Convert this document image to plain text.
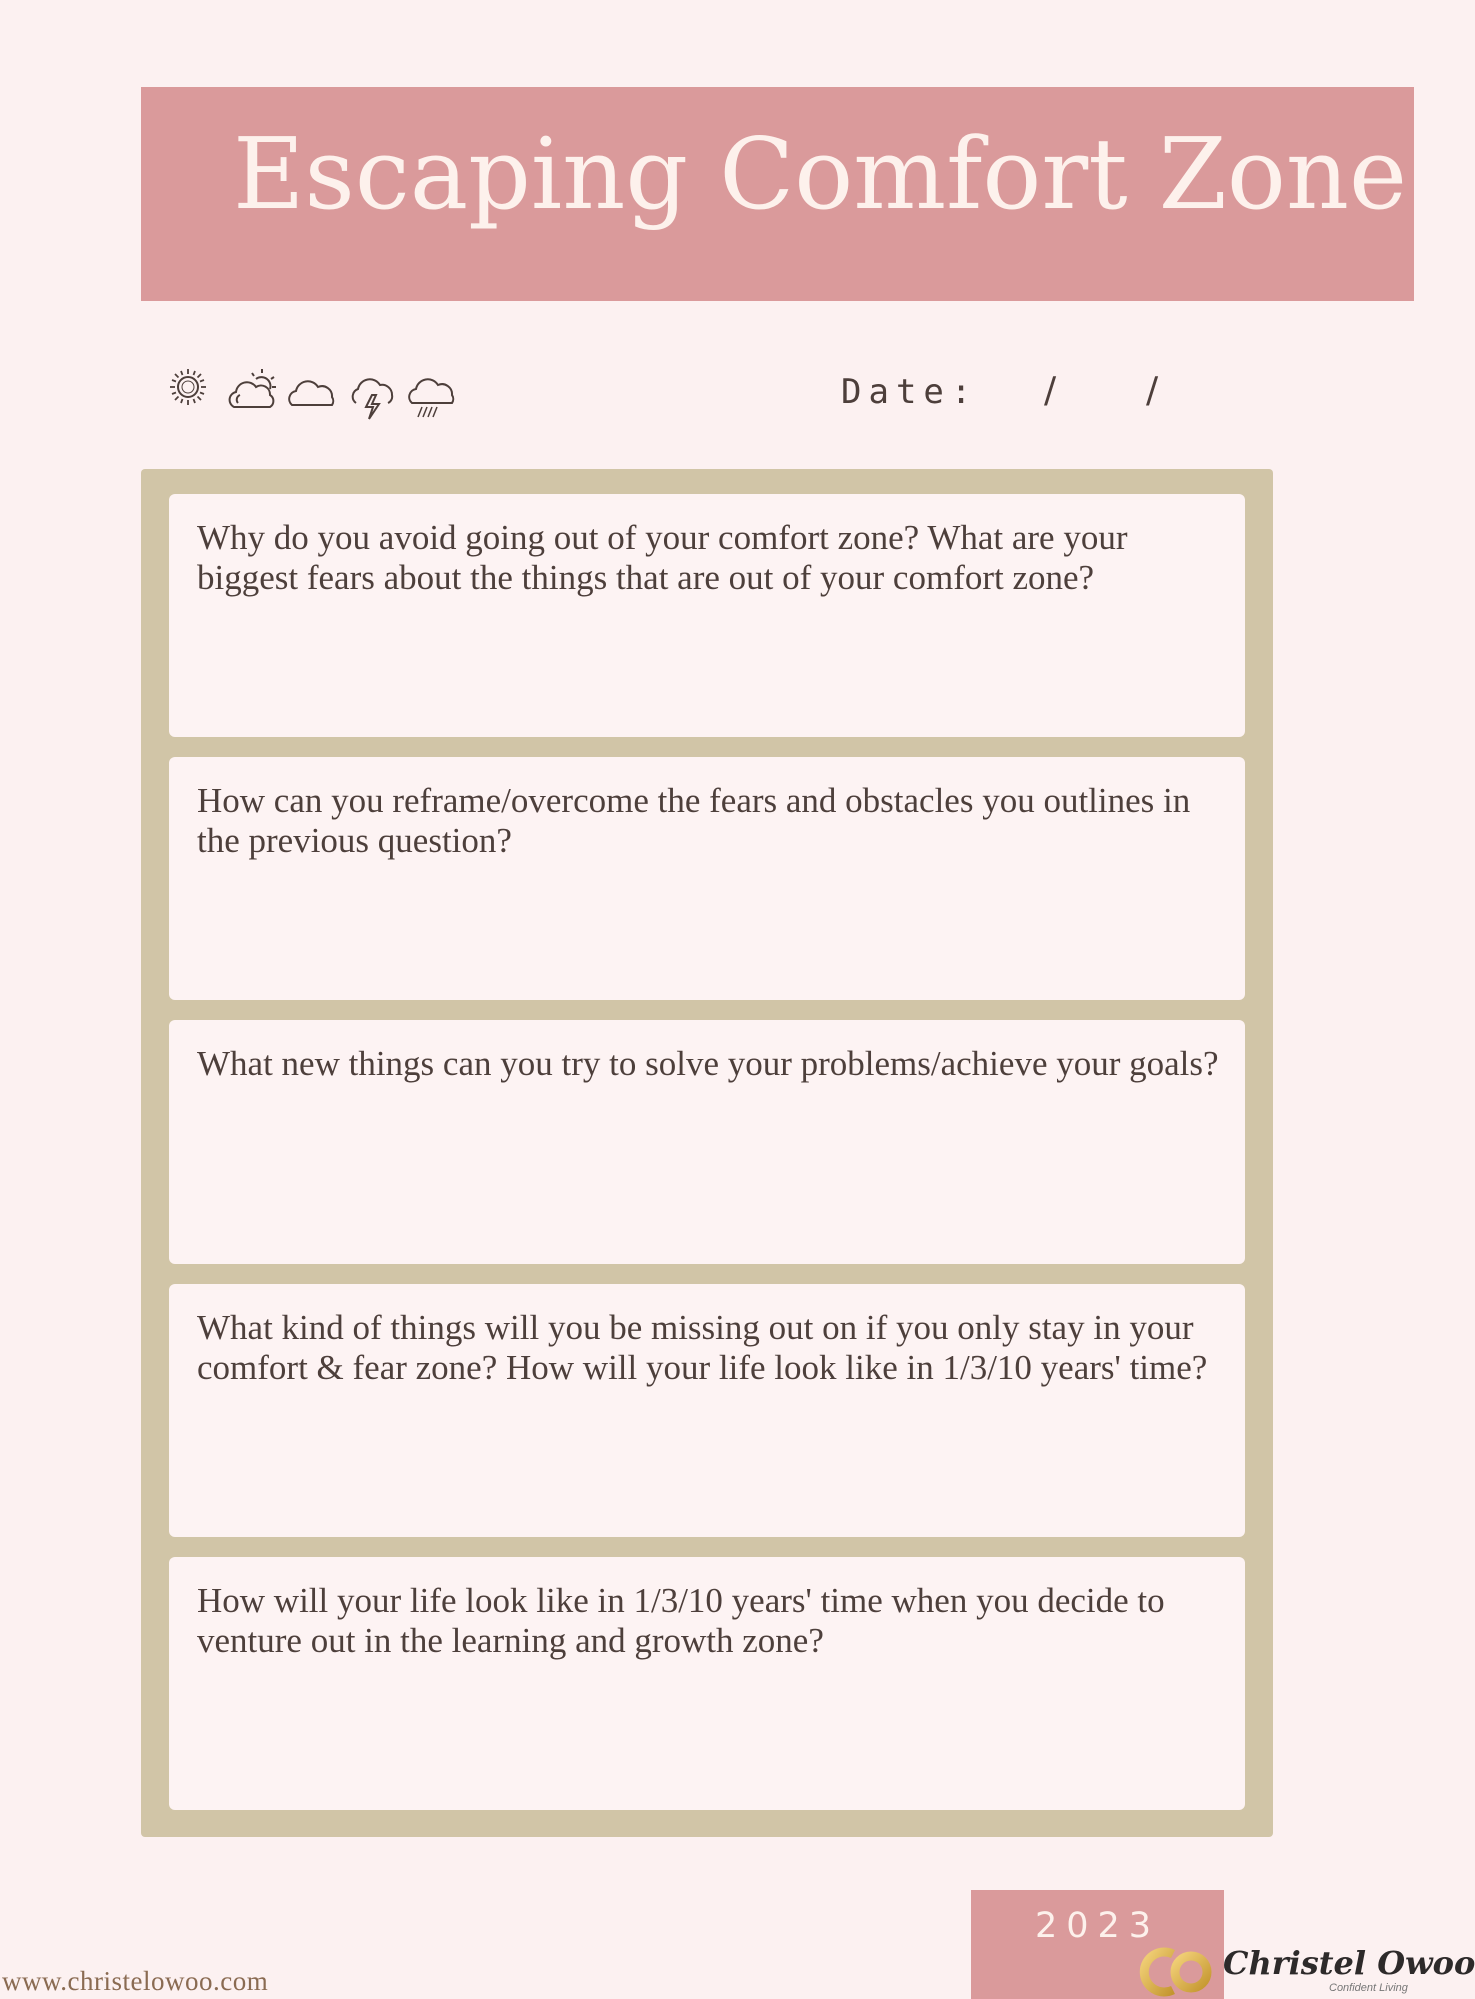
Escaping Comfort Zone
Date: / /
Why do you avoid going out of your comfort zone? What are your biggest fears about the things that are out of your comfort zone?
How can you reframe/overcome the fears and obstacles you outlines in the previous question?
What new things can you try to solve your problems/achieve your goals?
What kind of things will you be missing out on if you only stay in your comfort & fear zone? How will your life look like in 1/3/10 years' time?
How will your life look like in 1/3/10 years' time when you decide to venture out in the learning and growth zone?
2023
www.christelowoo.com	Christel Owoo
Confident Living
